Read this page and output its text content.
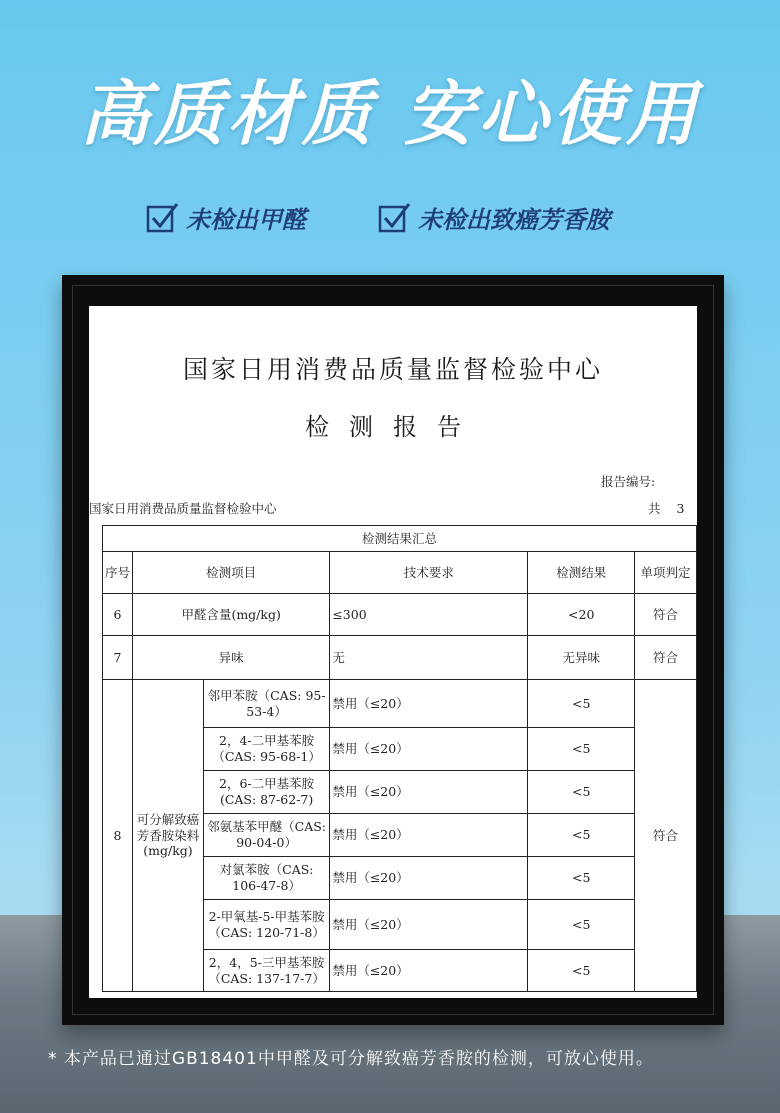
高质材质 安心使用
未检出甲醛	未检出致癌芳香胺
国家日用消费品质量监督检验中心
检测报告
报告编号:
国家日用消费品质量监督检验中心	共 3
检测结果汇总					
序号	检测项目		技术要求	检测结果	单项判定
6	甲醛含量(mg/kg)		≤300	<20	符合
7	异味		无	无异味	符合
8	可分解致癌芳香胺染料(mg/kg)	邻甲苯胺（CAS: 95-53-4）	禁用（≤20）	<5	符合
		2，4-二甲基苯胺（CAS: 95-68-1）	禁用（≤20）	<5	
		2，6-二甲基苯胺(CAS: 87-62-7)	禁用（≤20）	<5	
		邻氨基苯甲醚（CAS: 90-04-0）	禁用（≤20）	<5	
		对氯苯胺（CAS: 106-47-8）	禁用（≤20）	<5	
		2-甲氧基-5-甲基苯胺（CAS: 120-71-8）	禁用（≤20）	<5	
		2，4，5-三甲基苯胺（CAS: 137-17-7）	禁用（≤20）	<5	
* 本产品已通过GB18401中甲醛及可分解致癌芳香胺的检测，可放心使用。
